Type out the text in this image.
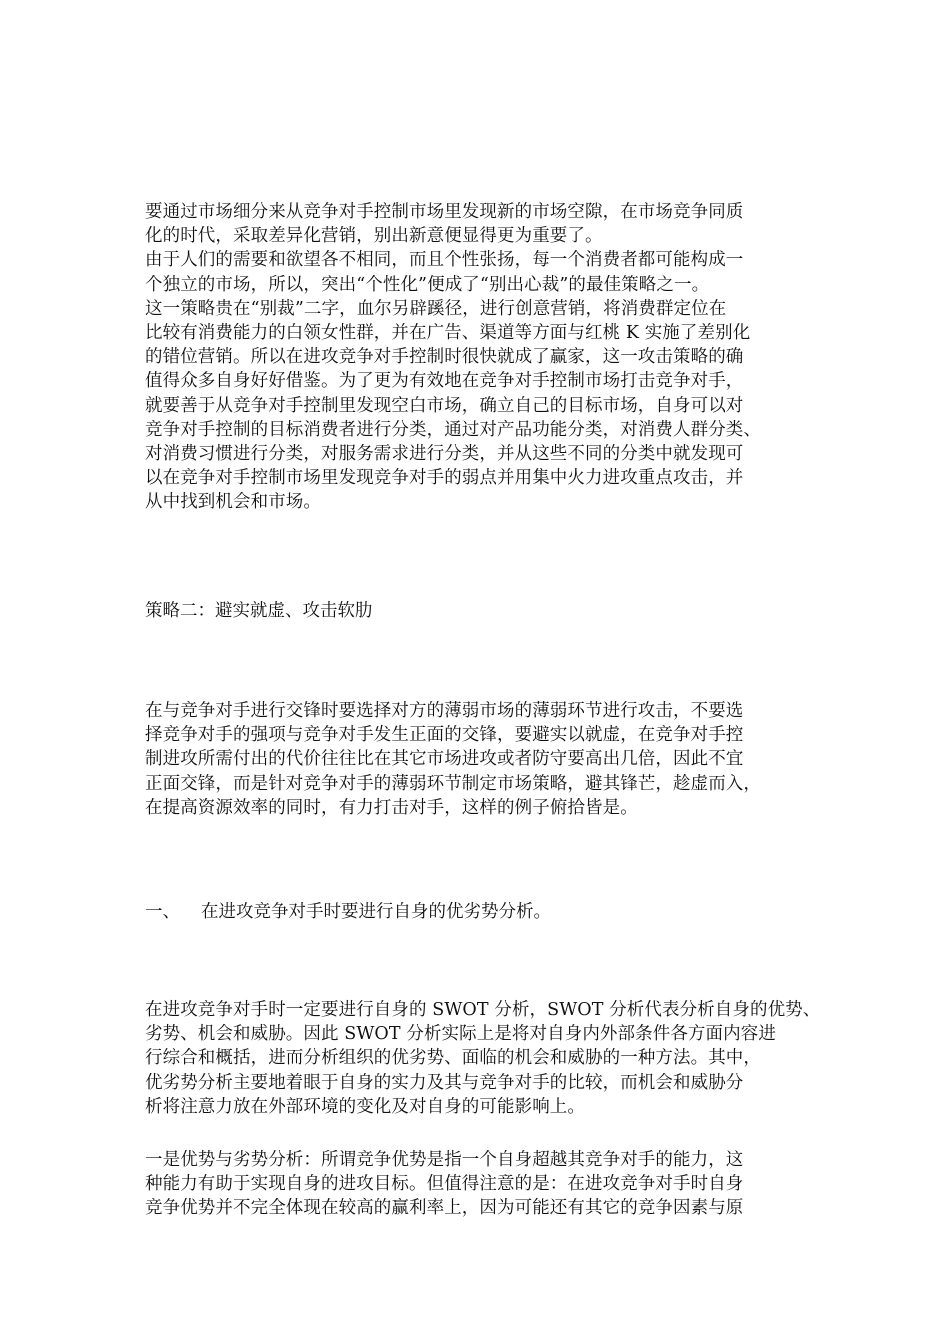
要通过市场细分来从竞争对手控制市场里发现新的市场空隙，在市场竞争同质
化的时代，采取差异化营销，别出新意便显得更为重要了。
由于人们的需要和欲望各不相同，而且个性张扬，每一个消费者都可能构成一
个独立的市场，所以，突出“个性化”便成了“别出心裁”的最佳策略之一。
这一策略贵在“别裁”二字，血尔另辟蹊径，进行创意营销，将消费群定位在
比较有消费能力的白领女性群，并在广告、渠道等方面与红桃 K 实施了差别化
的错位营销。所以在进攻竞争对手控制时很快就成了赢家，这一攻击策略的确
值得众多自身好好借鉴。为了更为有效地在竞争对手控制市场打击竞争对手，
就要善于从竞争对手控制里发现空白市场，确立自己的目标市场，自身可以对
竞争对手控制的目标消费者进行分类，通过对产品功能分类，对消费人群分类、
对消费习惯进行分类，对服务需求进行分类，并从这些不同的分类中就发现可
以在竞争对手控制市场里发现竞争对手的弱点并用集中火力进攻重点攻击，并
从中找到机会和市场。

策略二：避实就虚、攻击软肋

在与竞争对手进行交锋时要选择对方的薄弱市场的薄弱环节进行攻击，不要选
择竞争对手的强项与竞争对手发生正面的交锋，要避实以就虚，在竞争对手控
制进攻所需付出的代价往往比在其它市场进攻或者防守要高出几倍，因此不宜
正面交锋，而是针对竞争对手的薄弱环节制定市场策略，避其锋芒，趁虚而入，
在提高资源效率的同时，有力打击对手，这样的例子俯拾皆是。

一、 在进攻竞争对手时要进行自身的优劣势分析。

在进攻竞争对手时一定要进行自身的 SWOT 分析，SWOT 分析代表分析自身的优势、
劣势、机会和威胁。因此 SWOT 分析实际上是将对自身内外部条件各方面内容进
行综合和概括，进而分析组织的优劣势、面临的机会和威胁的一种方法。其中，
优劣势分析主要地着眼于自身的实力及其与竞争对手的比较，而机会和威胁分
析将注意力放在外部环境的变化及对自身的可能影响上。
一是优势与劣势分析：所谓竞争优势是指一个自身超越其竞争对手的能力，这
种能力有助于实现自身的进攻目标。但值得注意的是：在进攻竞争对手时自身
竞争优势并不完全体现在较高的赢利率上，因为可能还有其它的竞争因素与原
